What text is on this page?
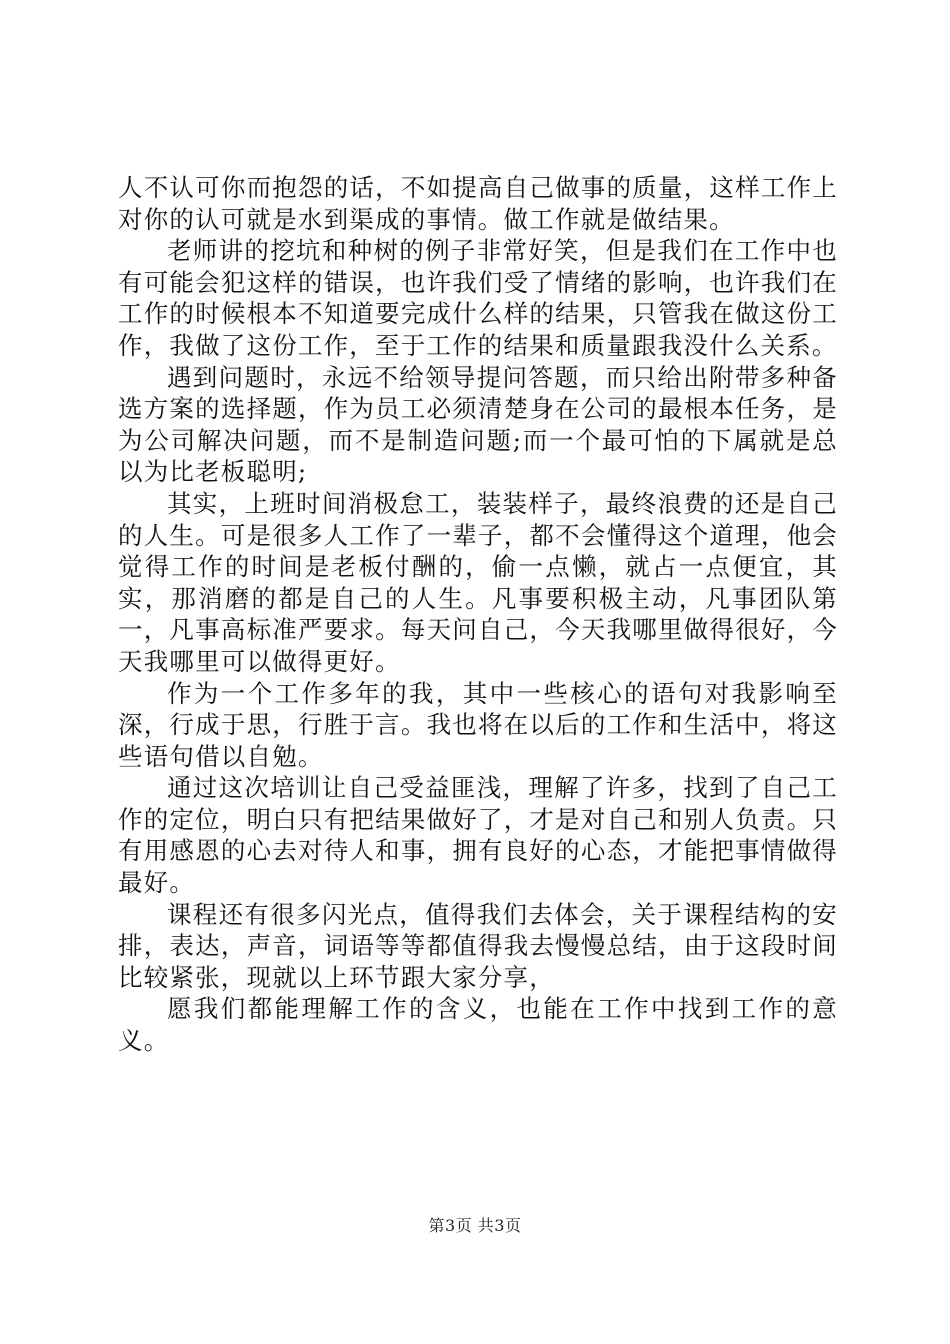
人不认可你而抱怨的话，不如提高自己做事的质量，这样工作上对你的认可就是水到渠成的事情。做工作就是做结果。

老师讲的挖坑和种树的例子非常好笑，但是我们在工作中也有可能会犯这样的错误，也许我们受了情绪的影响，也许我们在工作的时候根本不知道要完成什么样的结果，只管我在做这份工作，我做了这份工作，至于工作的结果和质量跟我没什么关系。

遇到问题时，永远不给领导提问答题，而只给出附带多种备选方案的选择题，作为员工必须清楚身在公司的最根本任务，是为公司解决问题，而不是制造问题;而一个最可怕的下属就是总以为比老板聪明;

其实，上班时间消极怠工，装装样子，最终浪费的还是自己的人生。可是很多人工作了一辈子，都不会懂得这个道理，他会觉得工作的时间是老板付酬的，偷一点懒，就占一点便宜，其实，那消磨的都是自己的人生。凡事要积极主动，凡事团队第一，凡事高标准严要求。每天问自己，今天我哪里做得很好，今天我哪里可以做得更好。

作为一个工作多年的我，其中一些核心的语句对我影响至深，行成于思，行胜于言。我也将在以后的工作和生活中，将这些语句借以自勉。

通过这次培训让自己受益匪浅，理解了许多，找到了自己工作的定位，明白只有把结果做好了，才是对自己和别人负责。只有用感恩的心去对待人和事，拥有良好的心态，才能把事情做得最好。

课程还有很多闪光点，值得我们去体会，关于课程结构的安排，表达，声音，词语等等都值得我去慢慢总结，由于这段时间比较紧张，现就以上环节跟大家分享，

愿我们都能理解工作的含义，也能在工作中找到工作的意义。

第3页 共3页
